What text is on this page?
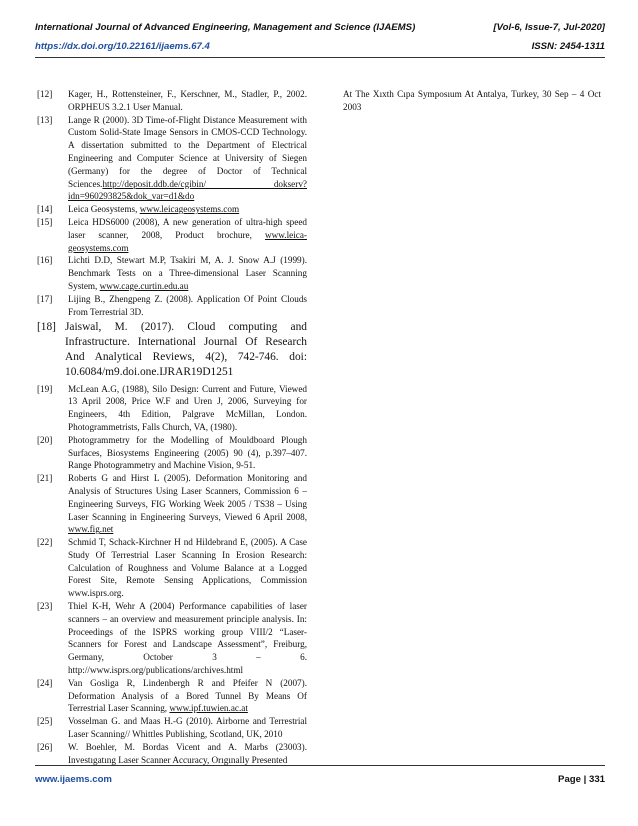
International Journal of Advanced Engineering, Management and Science (IJAEMS)	[Vol-6, Issue-7, Jul-2020]
https://dx.doi.org/10.22161/ijaems.67.4	ISSN: 2454-1311
[12] Kager, H., Rottensteiner, F., Kerschner, M., Stadler, P., 2002. ORPHEUS 3.2.1 User Manual.
[13] Lange R (2000). 3D Time-of-Flight Distance Measurement with Custom Solid-State Image Sensors in CMOS-CCD Technology. A dissertation submitted to the Department of Electrical Engineering and Computer Science at University of Siegen (Germany) for the degree of Doctor of Technical Sciences.http://deposit.ddb.de/cgibin/ dokserv?idn=960293825&dok_var=d1&do
[14] Leica Geosystems, www.leicageosystems.com
[15] Leica HDS6000 (2008), A new generation of ultra-high speed laser scanner, 2008, Product brochure, www.leica-geosystems.com
[16] Lichti D.D, Stewart M.P, Tsakiri M, A. J. Snow A.J (1999). Benchmark Tests on a Three-dimensional Laser Scanning System, www.cage.curtin.edu.au
[17] Lijing B., Zhengpeng Z. (2008). Application Of Point Clouds From Terrestrial 3D.
[18] Jaiswal, M. (2017). Cloud computing and Infrastructure. International Journal Of Research And Analytical Reviews, 4(2), 742-746. doi: 10.6084/m9.doi.one.IJRAR19D1251
[19] McLean A.G, (1988), Silo Design: Current and Future, Viewed 13 April 2008, Price W.F and Uren J, 2006, Surveying for Engineers, 4th Edition, Palgrave McMillan, London. Photogrammetrists, Falls Church, VA, (1980).
[20] Photogrammetry for the Modelling of Mouldboard Plough Surfaces, Biosystems Engineering (2005) 90 (4), p.397–407. Range Photogrammetry and Machine Vision, 9-51.
[21] Roberts G and Hirst L (2005). Deformation Monitoring and Analysis of Structures Using Laser Scanners, Commission 6 – Engineering Surveys, FIG Working Week 2005 / TS38 – Using Laser Scanning in Engineering Surveys, Viewed 6 April 2008, www.fig.net
[22] Schmid T, Schack-Kirchner H nd Hildebrand E, (2005). A Case Study Of Terrestrial Laser Scanning In Erosion Research: Calculation of Roughness and Volume Balance at a Logged Forest Site, Remote Sensing Applications, Commission www.isprs.org.
[23] Thiel K-H, Wehr A (2004) Performance capabilities of laser scanners – an overview and measurement principle analysis. In: Proceedings of the ISPRS working group VIII/2 “Laser-Scanners for Forest and Landscape Assessment”, Freiburg, Germany, October 3 – 6. http://www.isprs.org/publications/archives.html
[24] Van Gosliga R, Lindenbergh R and Pfeifer N (2007). Deformation Analysis of a Bored Tunnel By Means Of Terrestrial Laser Scanning, www.ipf.tuwien.ac.at
[25] Vosselman G. and Maas H.-G (2010). Airborne and Terrestrial Laser Scanning// Whittles Publishing, Scotland, UK, 2010
[26] W. Boehler, M. Bordas Vicent and A. Marbs (23003). Investıgatıng Laser Scanner Accuracy, Orıgınally Presented
At The Xıxth Cıpa Symposıum At Antalya, Turkey, 30 Sep – 4 Oct 2003
www.ijaems.com	Page | 331
